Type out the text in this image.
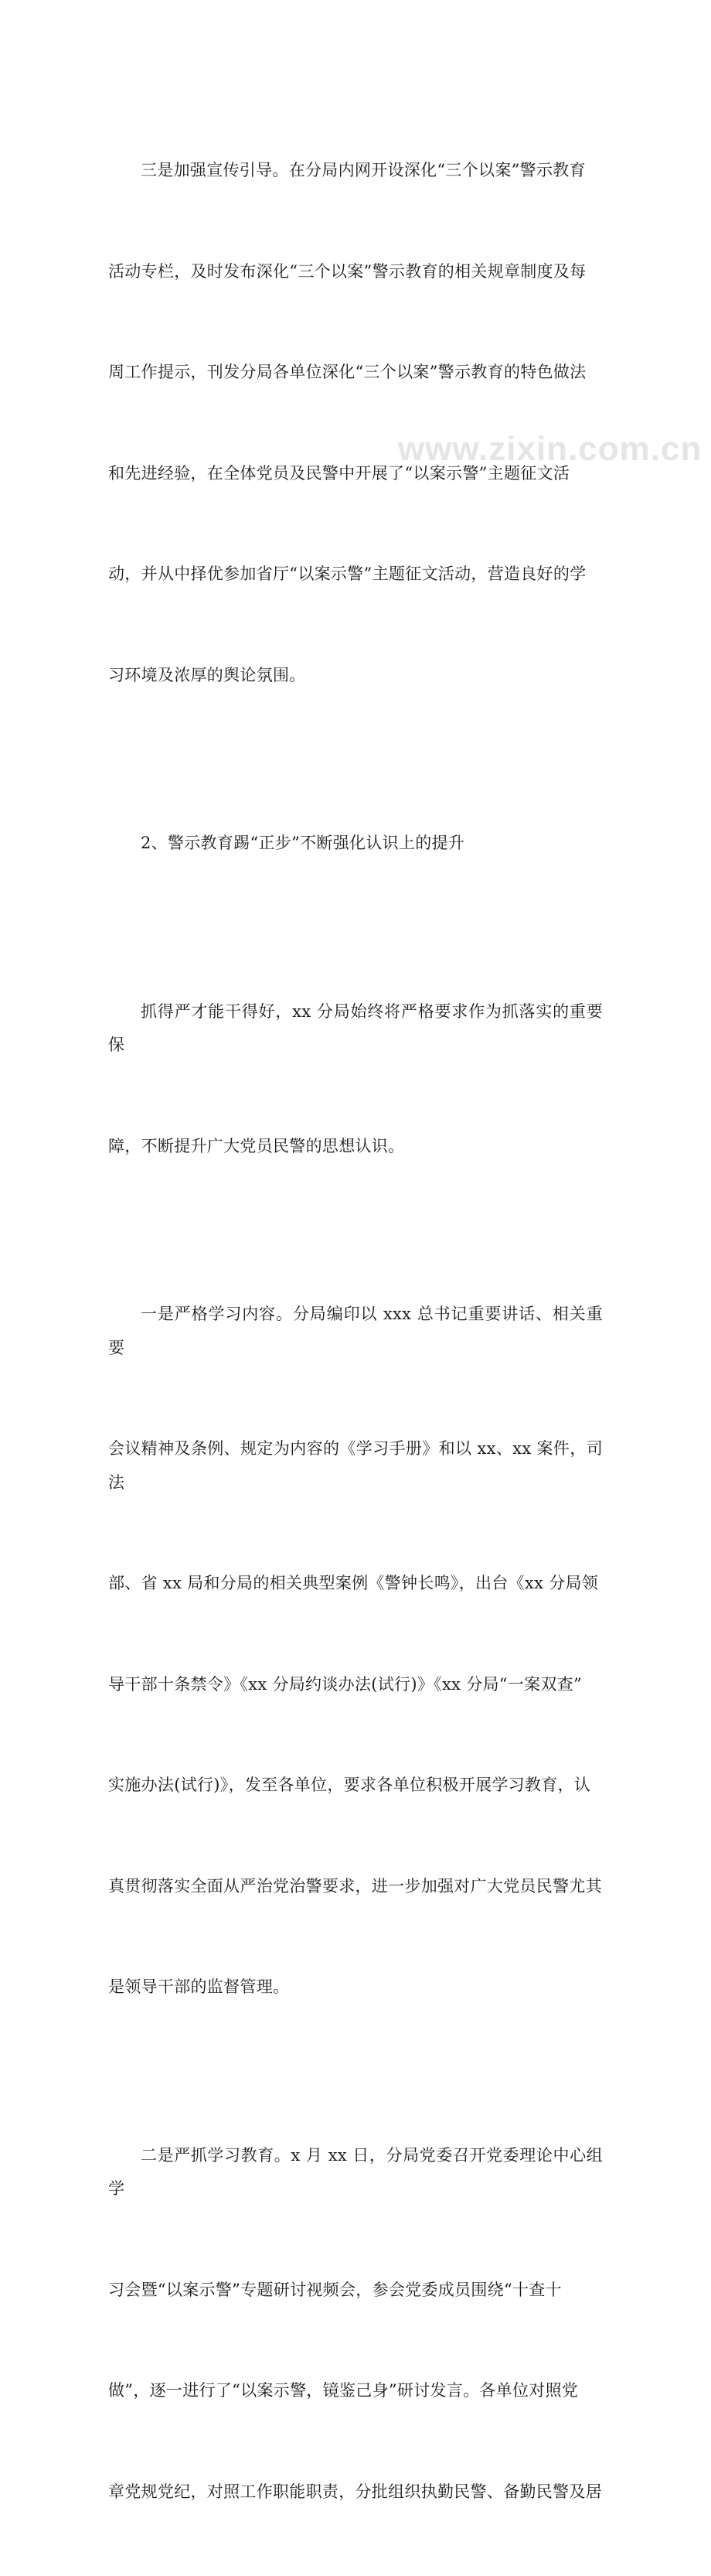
三是加强宣传引导。在分局内网开设深化“三个以案”警示教育

活动专栏，及时发布深化“三个以案”警示教育的相关规章制度及每

周工作提示，刊发分局各单位深化“三个以案”警示教育的特色做法

和先进经验，在全体党员及民警中开展了“以案示警”主题征文活

动，并从中择优参加省厅“以案示警”主题征文活动，营造良好的学

习环境及浓厚的舆论氛围。

2、警示教育踢“正步”不断强化认识上的提升

抓得严才能干得好，xx 分局始终将严格要求作为抓落实的重要保

障，不断提升广大党员民警的思想认识。

一是严格学习内容。分局编印以 xxx 总书记重要讲话、相关重要

会议精神及条例、规定为内容的《学习手册》和以 xx、xx 案件，司法

部、省 xx 局和分局的相关典型案例《警钟长鸣》，出台《xx 分局领

导干部十条禁令》《xx 分局约谈办法(试行)》《xx 分局“一案双查”

实施办法(试行)》，发至各单位，要求各单位积极开展学习教育，认

真贯彻落实全面从严治党治警要求，进一步加强对广大党员民警尤其

是领导干部的监督管理。

二是严抓学习教育。x 月 xx 日，分局党委召开党委理论中心组学

习会暨“以案示警”专题研讨视频会，参会党委成员围绕“十查十

做”，逐一进行了“以案示警，镜鉴己身”研讨发言。各单位对照党

章党规党纪，对照工作职能职责，分批组织执勤民警、备勤民警及居

www.zixin.com.cn
